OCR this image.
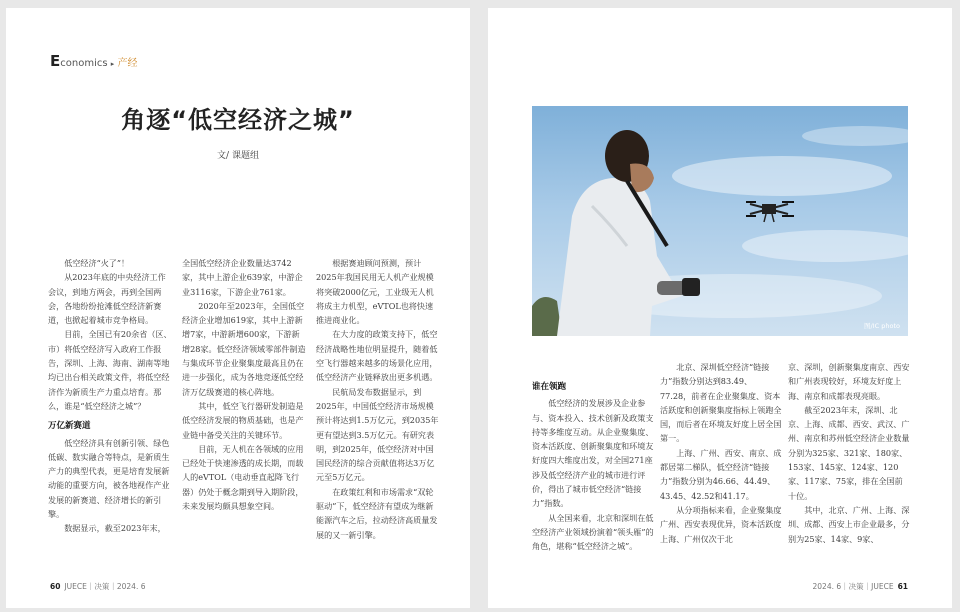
Economics ▸ 产经
角逐“低空经济之城”
文/ 课题组

低空经济“火了”！

从2023年底的中央经济工作会议，到地方两会，再到全国两会，各地纷纷抢滩低空经济新赛道，也掀起着城市竞争格局。

目前，全国已有20余省（区、市）将低空经济写入政府工作报告，深圳、上海、海南、湖南等地均已出台相关政策文件，将低空经济作为新质生产力重点培育。那么，谁是“低空经济之城”？

万亿新赛道

低空经济具有创新引领、绿色低碳、数实融合等特点，是新质生产力的典型代表，更是培育发展新动能的重要方向，被各地视作产业发展的新赛道、经济增长的新引擎。

数据显示，截至2023年末，

全国低空经济企业数量达3742家，其中上游企业639家，中游企业3116家，下游企业761家。

2020年至2023年，全国低空经济企业增加619家，其中上游新增7家，中游新增600家，下游新增28家。低空经济领域零部件制造与集成环节企业聚集度最高且仍在进一步强化，成为各地竞逐低空经济万亿级赛道的核心阵地。

其中，低空飞行器研发制造是低空经济发展的物质基础，也是产业链中备受关注的关键环节。

目前，无人机在各领域的应用已经处于快速渗透的成长期，而载人的eVTOL（电动垂直起降飞行器）仍处于概念期到导入期阶段，未来发展均颇具想象空间。

根据赛迪顾问预测，预计2025年我国民用无人机产业规模将突破2000亿元，工业级无人机将成主力机型，eVTOL也将快速推进商业化。

在大力度的政策支持下，低空经济战略性地位明显提升，随着低空飞行器越来越多的场景化应用，低空经济产业链释放出更多机遇。

民航局发布数据显示，到2025年，中国低空经济市场规模预计将达到1.5万亿元，到2035年更有望达到3.5万亿元。有研究表明，到2025年，低空经济对中国国民经济的综合贡献值将达3万亿元至5万亿元。

在政策红利和市场需求“双轮驱动”下，低空经济有望成为继新能源汽车之后，拉动经济高质量发展的又一新引擎。

60 JUECE｜决策｜2024. 6
图/IC photo
谁在领跑

低空经济的发展涉及企业参与、资本投入、技术创新及政策支持等多维度互动。从企业聚集度、资本活跃度、创新聚集度和环境友好度四大维度出发，对全国271座涉及低空经济产业的城市进行评价，得出了城市低空经济“链接力”指数。

从全国来看，北京和深圳在低空经济产业领域扮演着“领头雁”的角色，堪称“低空经济之城”。

北京、深圳低空经济“链接力”指数分别达到83.49、77.28，前者在企业聚集度、资本活跃度和创新聚集度指标上领跑全国，而后者在环境友好度上居全国第一。

上海、广州、西安、南京、成都居第二梯队，低空经济“链接力”指数分别为46.66、44.49、43.45、42.52和41.17。

从分项指标来看，企业聚集度广州、西安表现优异，资本活跃度上海、广州仅次于北

京、深圳，创新聚集度南京、西安和广州表现较好，环境友好度上海、南京和成都表现亮眼。

截至2023年末，深圳、北京、上海、成都、西安、武汉、广州、南京和苏州低空经济企业数量分别为325家、321家、180家、153家、145家、124家、120家、117家、75家，排在全国前十位。

其中，北京、广州、上海、深圳、成都、西安上市企业最多，分别为25家、14家、9家、

2024. 6｜决策｜JUECE 61
